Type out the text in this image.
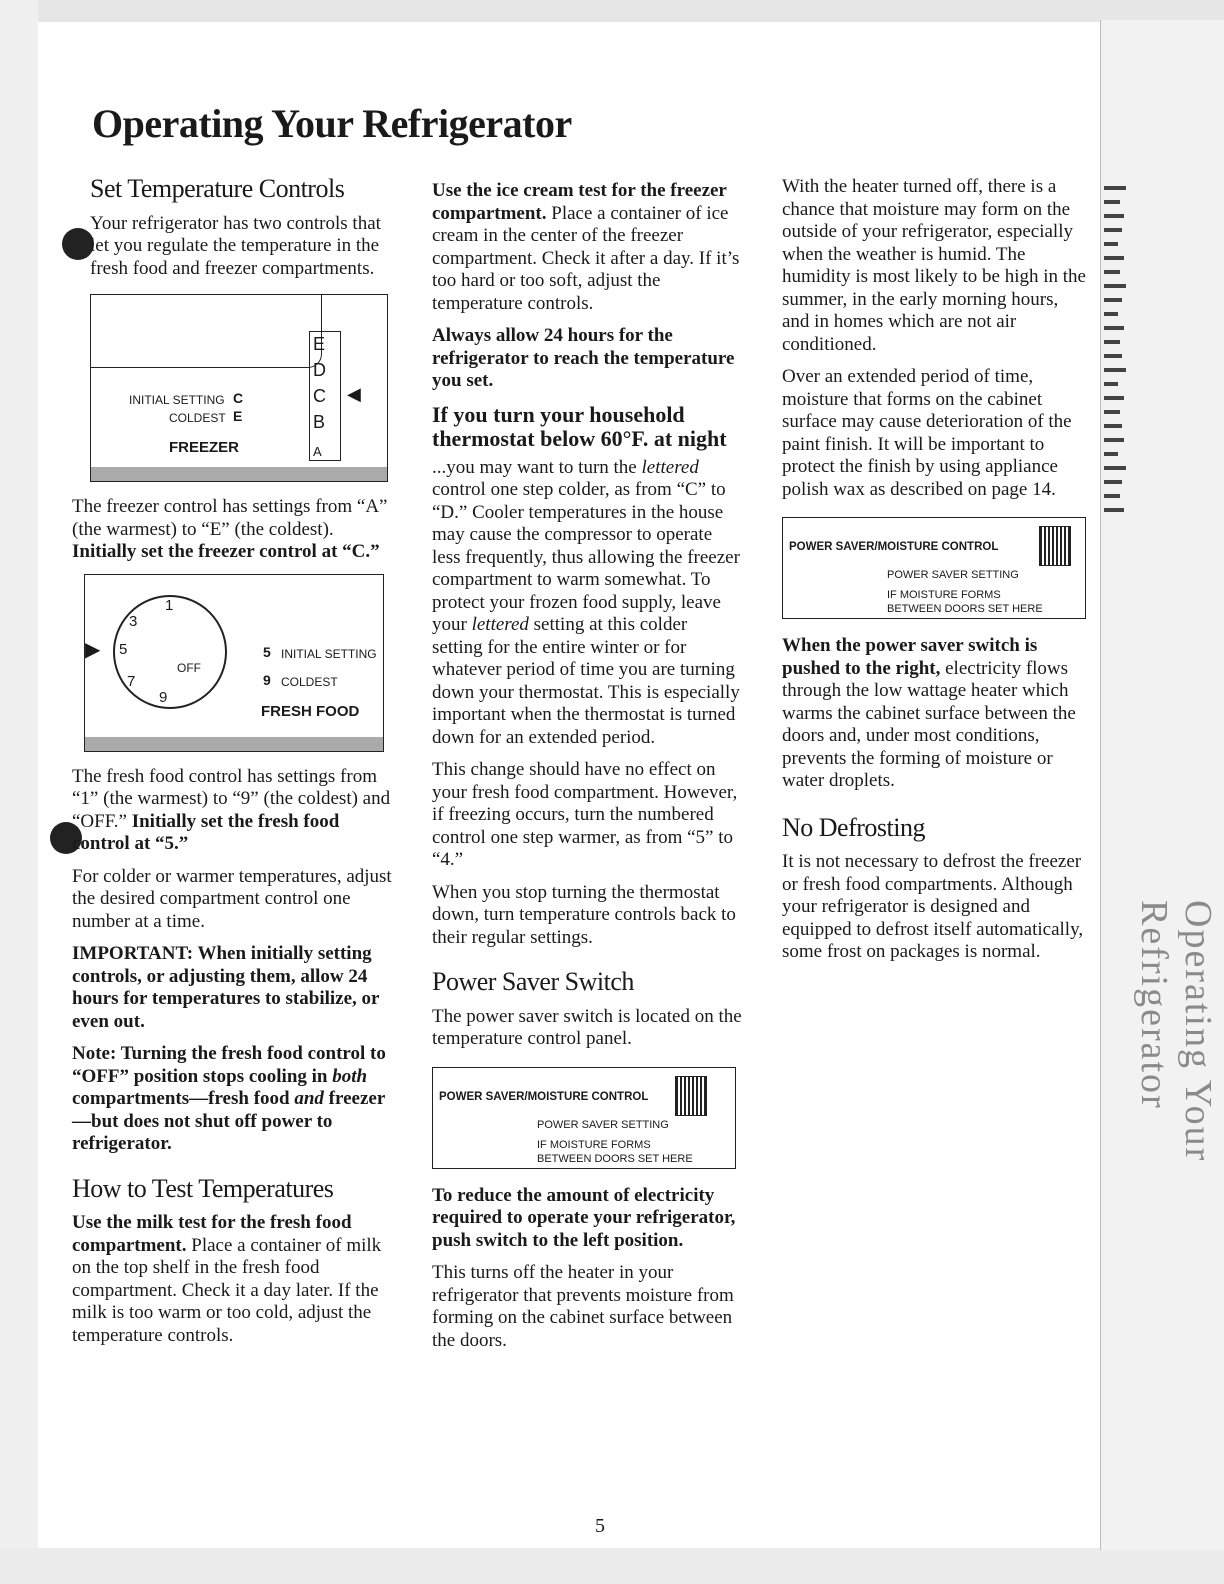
Operating Your Refrigerator
Operating Your Refrigerator
Set Temperature Controls

Your refrigerator has two controls that let you regulate the temperature in the fresh food and freezer compartments.

E
D
C
B
A
◀
INITIAL SETTING C
COLDEST E
FREEZER

The freezer control has settings from “A” (the warmest) to “E” (the coldest). Initially set the freezer control at “C.”

1
3
5
7
9
OFF
▶	5 INITIAL SETTING
9 COLDEST
FRESH FOOD

The fresh food control has settings from “1” (the warmest) to “9” (the coldest) and “OFF.” Initially set the fresh food control at “5.”

For colder or warmer temperatures, adjust the desired compartment control one number at a time.

IMPORTANT: When initially setting controls, or adjusting them, allow 24 hours for temperatures to stabilize, or even out.

Note: Turning the fresh food control to “OFF” position stops cooling in both compartments—fresh food and freezer—but does not shut off power to refrigerator.

How to Test Temperatures

Use the milk test for the fresh food compartment. Place a container of milk on the top shelf in the fresh food compartment. Check it a day later. If the milk is too warm or too cold, adjust the temperature controls.

Use the ice cream test for the freezer compartment. Place a container of ice cream in the center of the freezer compartment. Check it after a day. If it’s too hard or too soft, adjust the temperature controls.

Always allow 24 hours for the refrigerator to reach the temperature you set.

If you turn your household thermostat below 60°F. at night

...you may want to turn the lettered control one step colder, as from “C” to “D.” Cooler temperatures in the house may cause the compressor to operate less frequently, thus allowing the freezer compartment to warm somewhat. To protect your frozen food supply, leave your lettered setting at this colder setting for the entire winter or for whatever period of time you are turning down your thermostat. This is especially important when the thermostat is turned down for an extended period.

This change should have no effect on your fresh food compartment. However, if freezing occurs, turn the numbered control one step warmer, as from “5” to “4.”

When you stop turning the thermostat down, turn temperature controls back to their regular settings.

Power Saver Switch

The power saver switch is located on the temperature control panel.

POWER SAVER/MOISTURE CONTROL
POWER SAVER SETTING
IF MOISTURE FORMS
BETWEEN DOORS SET HERE

To reduce the amount of electricity required to operate your refrigerator, push switch to the left position.

This turns off the heater in your refrigerator that prevents moisture from forming on the cabinet surface between the doors.

With the heater turned off, there is a chance that moisture may form on the outside of your refrigerator, especially when the weather is humid. The humidity is most likely to be high in the summer, in the early morning hours, and in homes which are not air conditioned.

Over an extended period of time, moisture that forms on the cabinet surface may cause deterioration of the paint finish. It will be important to protect the finish by using appliance polish wax as described on page 14.

POWER SAVER/MOISTURE CONTROL
POWER SAVER SETTING
IF MOISTURE FORMS
BETWEEN DOORS SET HERE

When the power saver switch is pushed to the right, electricity flows through the low wattage heater which warms the cabinet surface between the doors and, under most conditions, prevents the forming of moisture or water droplets.

No Defrosting

It is not necessary to defrost the freezer or fresh food compartments. Although your refrigerator is designed and equipped to defrost itself automatically, some frost on packages is normal.

5
